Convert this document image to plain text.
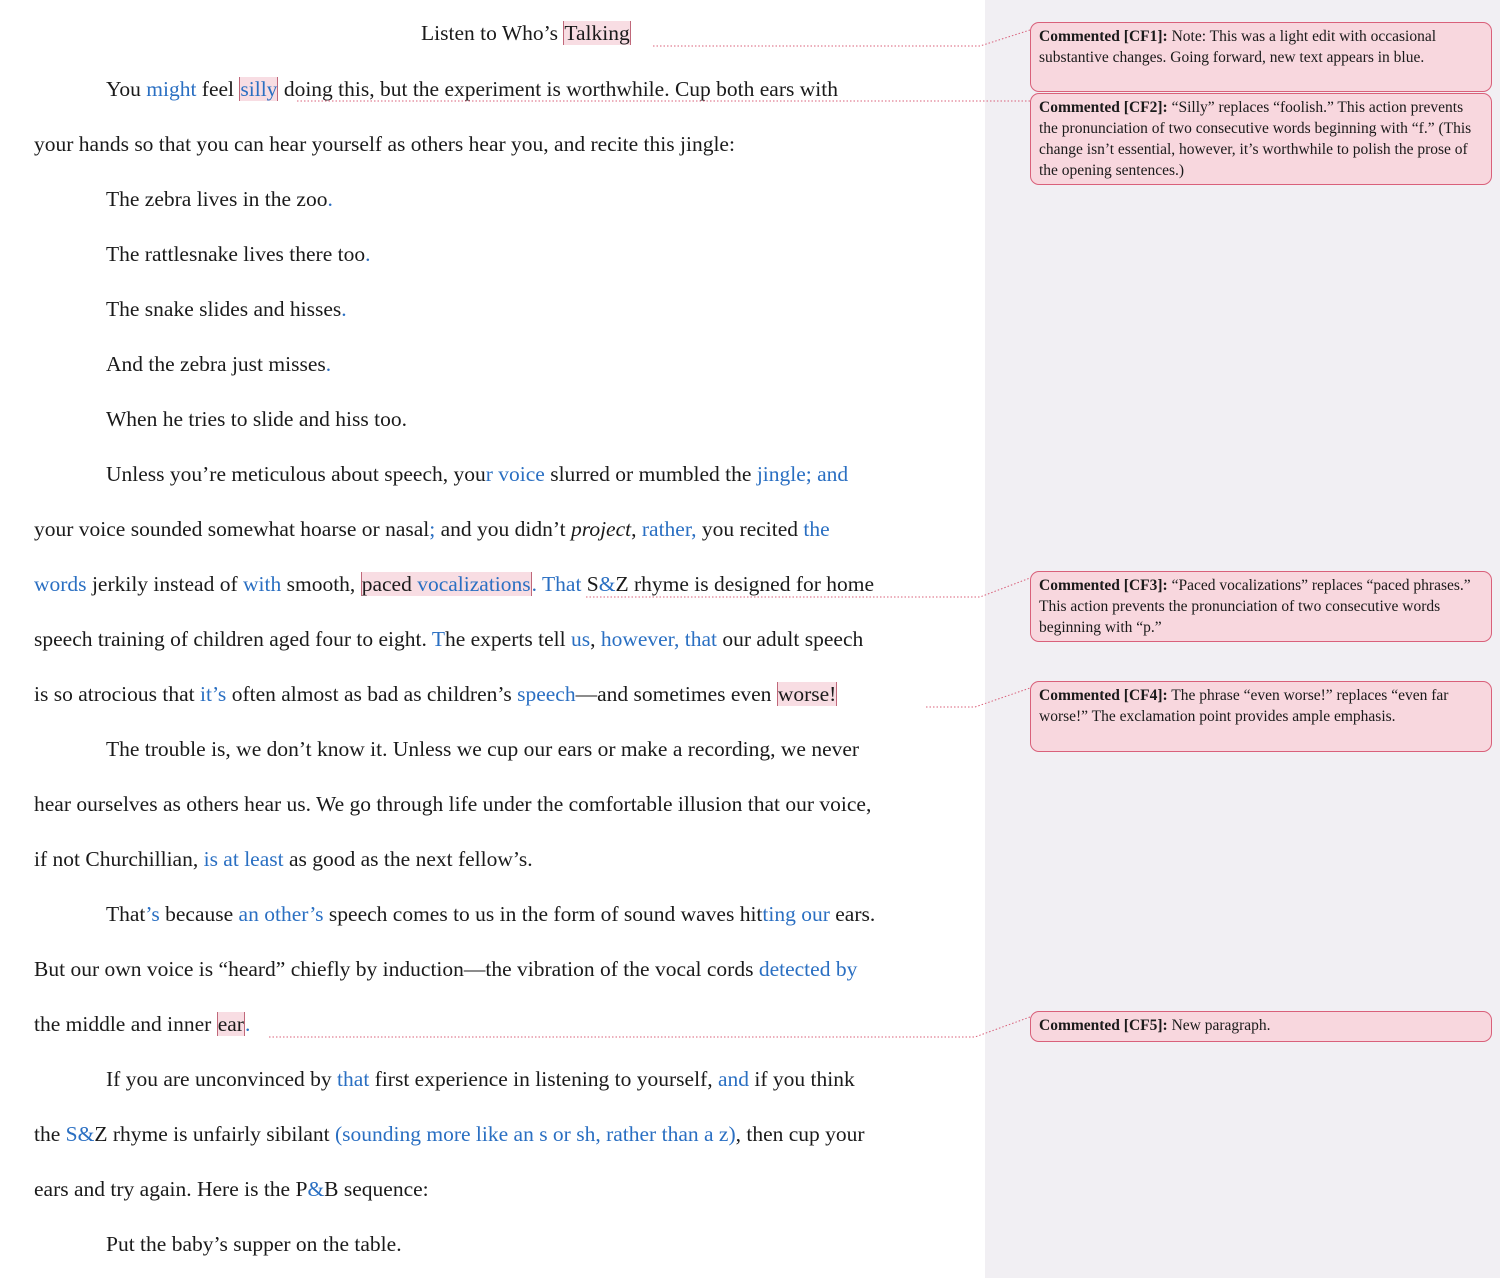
Listen to Who’s Talking
You might feel silly doing this, but the experiment is worthwhile. Cup both ears with
your hands so that you can hear yourself as others hear you, and recite this jingle:
The zebra lives in the zoo.
The rattlesnake lives there too.
The snake slides and hisses.
And the zebra just misses.
When he tries to slide and hiss too.
Unless you’re meticulous about speech, your voice slurred or mumbled the jingle; and
your voice sounded somewhat hoarse or nasal; and you didn’t project, rather, you recited the
words jerkily instead of with smooth, paced vocalizations. That S&Z rhyme is designed for home
speech training of children aged four to eight. The experts tell us, however, that our adult speech
is so atrocious that it’s often almost as bad as children’s speech—and sometimes even worse!
The trouble is, we don’t know it. Unless we cup our ears or make a recording, we never
hear ourselves as others hear us. We go through life under the comfortable illusion that our voice,
if not Churchillian, is at least as good as the next fellow’s.
That’s because an other’s speech comes to us in the form of sound waves hitting our ears.
But our own voice is “heard” chiefly by induction—the vibration of the vocal cords detected by
the middle and inner ear.
If you are unconvinced by that first experience in listening to yourself, and if you think
the S&Z rhyme is unfairly sibilant (sounding more like an s or sh, rather than a z), then cup your
ears and try again. Here is the P&B sequence:
Put the baby’s supper on the table.
Commented [CF1]: Note: This was a light edit with occasional substantive changes. Going forward, new text appears in blue.
Commented [CF2]: “Silly” replaces “foolish.” This action prevents the pronunciation of two consecutive words beginning with “f.” (This change isn’t essential, however, it’s worthwhile to polish the prose of the opening sentences.)
Commented [CF3]: “Paced vocalizations” replaces “paced phrases.” This action prevents the pronunciation of two consecutive words beginning with “p.”
Commented [CF4]: The phrase “even worse!” replaces “even far worse!” The exclamation point provides ample emphasis.
Commented [CF5]: New paragraph.
